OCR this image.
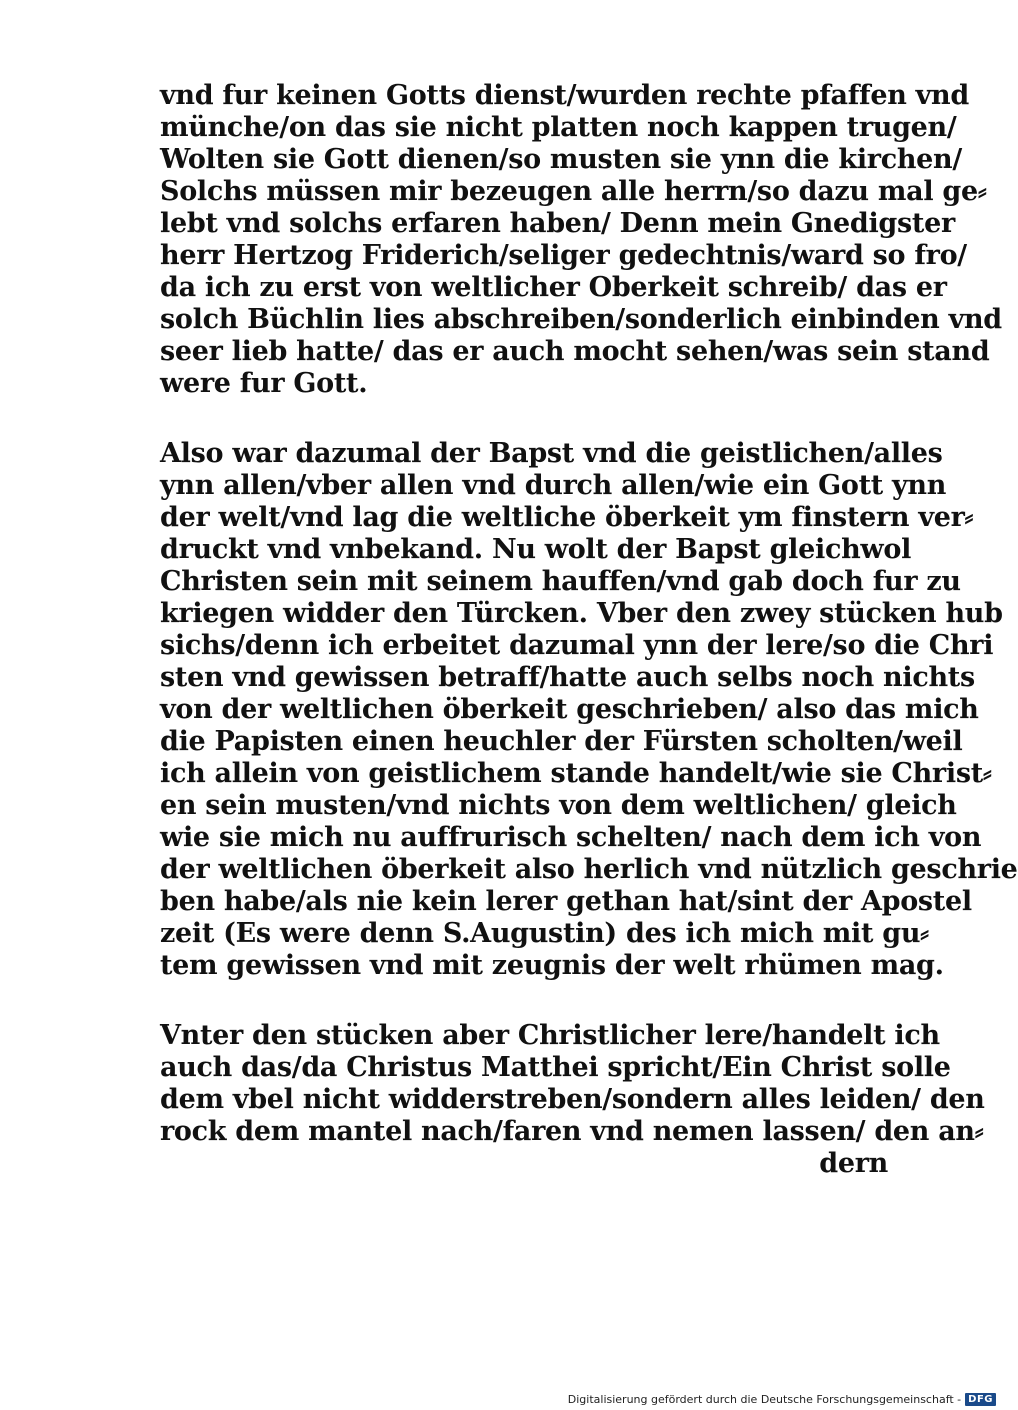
vnd fur keinen Gotts dienst/wurden rechte pfaffen vnd
münche/on das sie nicht platten noch kappen trugen/
Wolten sie Gott dienen/so musten sie ynn die kirchen/
Solchs müssen mir bezeugen alle herrn/so dazu mal ge⸗
lebt vnd solchs erfaren haben/ Denn mein Gnedigster
herr Hertzog Friderich/seliger gedechtnis/ward so fro/
da ich zu erst von weltlicher Oberkeit schreib/ das er
solch Büchlin lies abschreiben/sonderlich einbinden vnd
seer lieb hatte/ das er auch mocht sehen/was sein stand
were fur Gott.
Also war dazumal der Bapst vnd die geistlichen/alles
ynn allen/vber allen vnd durch allen/wie ein Gott ynn
der welt/vnd lag die weltliche öberkeit ym finstern ver⸗
druckt vnd vnbekand. Nu wolt der Bapst gleichwol
Christen sein mit seinem hauffen/vnd gab doch fur zu
kriegen widder den Türcken. Vber den zwey stücken hub
sichs/denn ich erbeitet dazumal ynn der lere/so die Chri
sten vnd gewissen betraff/hatte auch selbs noch nichts
von der weltlichen öberkeit geschrieben/ also das mich
die Papisten einen heuchler der Fürsten scholten/weil
ich allein von geistlichem stande handelt/wie sie Christ⸗
en sein musten/vnd nichts von dem weltlichen/ gleich
wie sie mich nu auffrurisch schelten/ nach dem ich von
der weltlichen öberkeit also herlich vnd nützlich geschrie
ben habe/als nie kein lerer gethan hat/sint der Apostel
zeit (Es were denn S.Augustin) des ich mich mit gu⸗
tem gewissen vnd mit zeugnis der welt rhümen mag.
Vnter den stücken aber Christlicher lere/handelt ich
auch das/da Christus Matthei spricht/Ein Christ solle
dem vbel nicht widderstreben/sondern alles leiden/ den
rock dem mantel nach/faren vnd nemen lassen/ den an⸗
dern
Digitalisierung gefördert durch die Deutsche Forschungsgemeinschaft - DFG
